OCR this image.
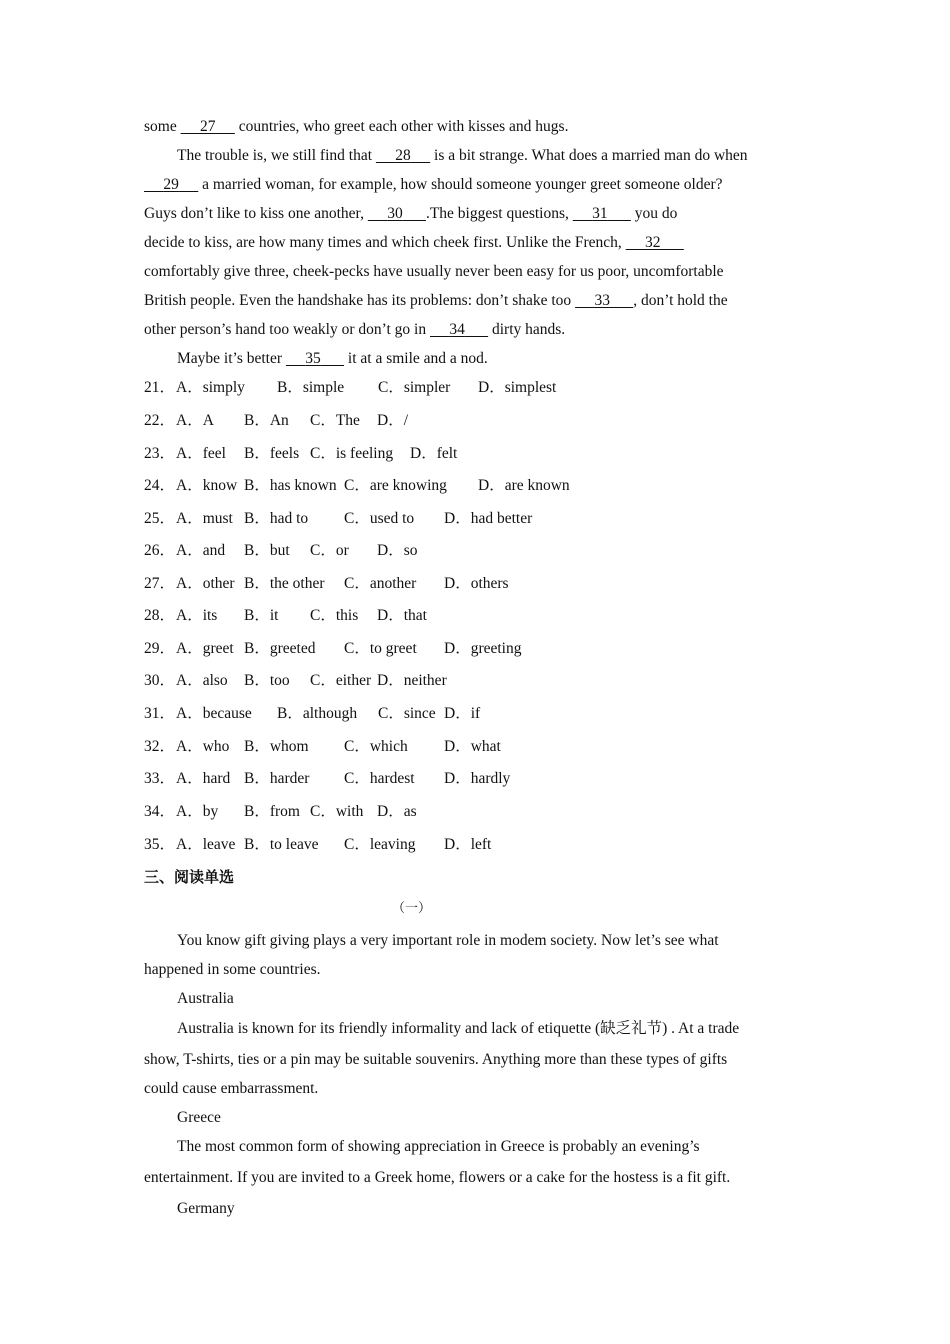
some      27      countries, who greet each other with kisses and hugs.
The trouble is, we still find that      28      is a bit strange. What does a married man do when
29      a married woman, for example, how should someone younger greet someone older?
Guys don’t like to kiss one another,      30 .The biggest questions,      31       you do
decide to kiss, are how many times and which cheek first. Unlike the French,      32
comfortably give three, cheek-pecks have usually never been easy for us poor, uncomfortable
British people. Even the handshake has its problems: don’t shake too      33 , don’t hold the
other person’s hand too weakly or don’t go in      34       dirty hands.
Maybe it’s better      35       it at a smile and a nod.
21． A．simply B．simple C．simpler D．simplest
22． A．A B．An C．The D．/
23． A．feel B．feels C．is feeling D．felt
24． A．know B．has known C．are knowing D．are known
25． A．must B．had to C．used to D．had better
26． A．and B．but C．or D．so
27． A．other B．the other C．another D．others
28． A．its B．it C．this D．that
29． A．greet B．greeted C．to greet D．greeting
30． A．also B．too C．either D．neither
31． A．because B．although C．since D．if
32． A．who B．whom C．which D．what
33． A．hard B．harder C．hardest D．hardly
34． A．by B．from C．with D．as
35． A．leave B．to leave C．leaving D．left
三、阅读单选
（一）
You know gift giving plays a very important role in modem society. Now let’s see what
happened in some countries.
Australia
Australia is known for its friendly informality and lack of etiquette (缺乏礼节) . At a trade
show, T-shirts, ties or a pin may be suitable souvenirs. Anything more than these types of gifts
could cause embarrassment.
Greece
The most common form of showing appreciation in Greece is probably an evening’s
entertainment. If you are invited to a Greek home, flowers or a cake for the hostess is a fit gift.
Germany
